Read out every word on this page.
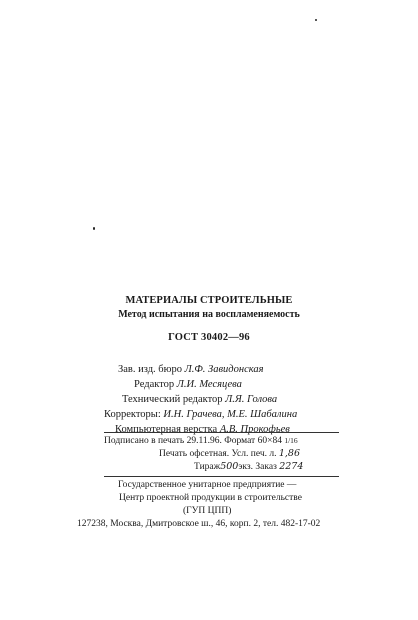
МАТЕРИАЛЫ СТРОИТЕЛЬНЫЕ
Метод испытания на воспламеняемость
ГОСТ 30402—96
Зав. изд. бюро Л.Ф. Завидонская
Редактор Л.И. Месяцева
Технический редактор Л.Я. Голова
Корректоры: И.Н. Грачева, М.Е. Шабалина
Компьютерная верстка А.В. Прокофьев
Подписано в печать 29.11.96. Формат 60×84 1/16
Печать офсетная. Усл. печ. л. 1,86
Тираж500экз. Заказ 2274
Государственное унитарное предприятие —
Центр проектной продукции в строительстве
(ГУП ЦПП)
127238, Москва, Дмитровское ш., 46, корп. 2, тел. 482-17-02
